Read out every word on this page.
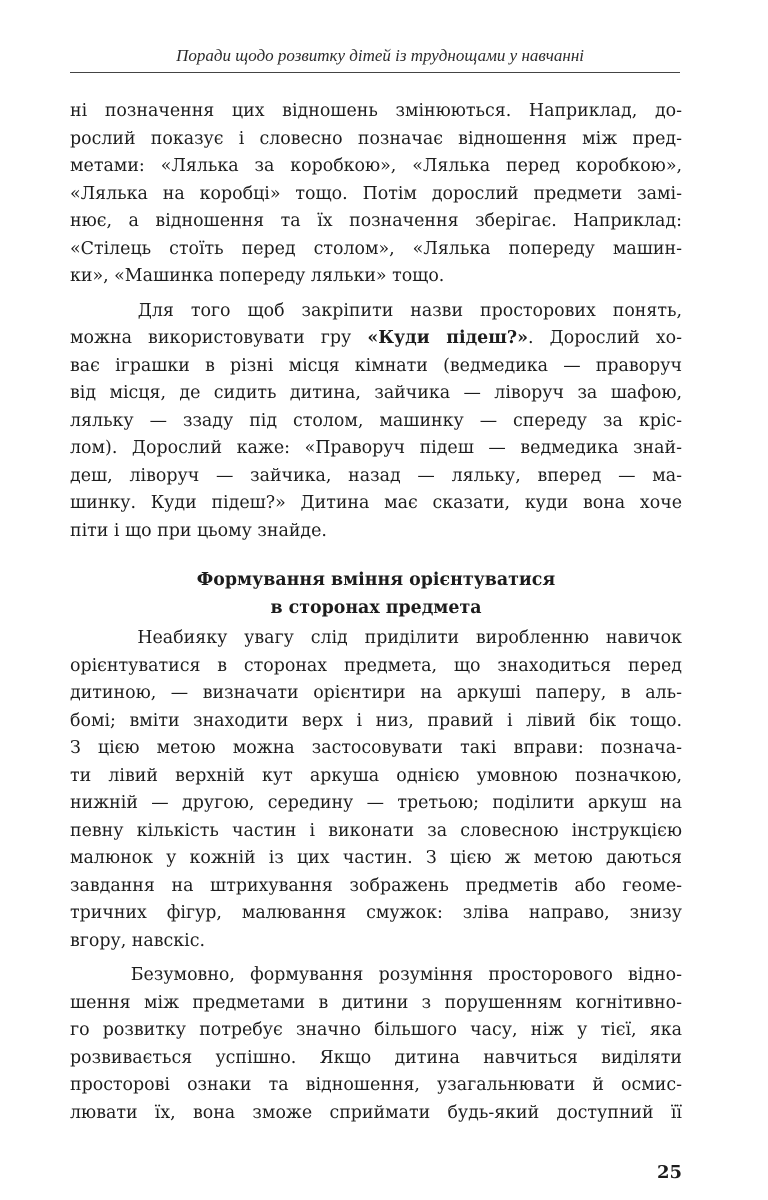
Поради щодо розвитку дітей із труднощами у навчанні
ні позначення цих відношень змінюються. Наприклад, до-
рослий показує і словесно позначає відношення між пред-
метами: «Лялька за коробкою», «Лялька перед коробкою»,
«Лялька на коробці» тощо. Потім дорослий предмети замі-
нює, а відношення та їх позначення зберігає. Наприклад:
«Стілець стоїть перед столом», «Лялька попереду машин-
ки», «Машинка попереду ляльки» тощо.
Для того щоб закріпити назви просторових понять,
можна використовувати гру «Куди підеш?». Дорослий хо-
ває іграшки в різні місця кімнати (ведмедика — праворуч
від місця, де сидить дитина, зайчика — ліворуч за шафою,
ляльку — ззаду під столом, машинку — спереду за кріс-
лом). Дорослий каже: «Праворуч підеш — ведмедика знай-
деш, ліворуч — зайчика, назад — ляльку, вперед — ма-
шинку. Куди підеш?» Дитина має сказати, куди вона хоче
піти і що при цьому знайде.
Формування вміння орієнтуватися
в сторонах предмета
Неабияку увагу слід приділити виробленню навичок
орієнтуватися в сторонах предмета, що знаходиться перед
дитиною, — визначати орієнтири на аркуші паперу, в аль-
бомі; вміти знаходити верх і низ, правий і лівий бік тощо.
З цією метою можна застосовувати такі вправи: познача-
ти лівий верхній кут аркуша однією умовною позначкою,
нижній — другою, середину — третьою; поділити аркуш на
певну кількість частин і виконати за словесною інструкцією
малюнок у кожній із цих частин. З цією ж метою даються
завдання на штрихування зображень предметів або геоме-
тричних фігур, малювання смужок: зліва направо, знизу
вгору, навскіс.
Безумовно, формування розуміння просторового відно-
шення між предметами в дитини з порушенням когнітивно-
го розвитку потребує значно більшого часу, ніж у тієї, яка
розвивається успішно. Якщо дитина навчиться виділяти
просторові ознаки та відношення, узагальнювати й осмис-
лювати їх, вона зможе сприймати будь-який доступний її
25
